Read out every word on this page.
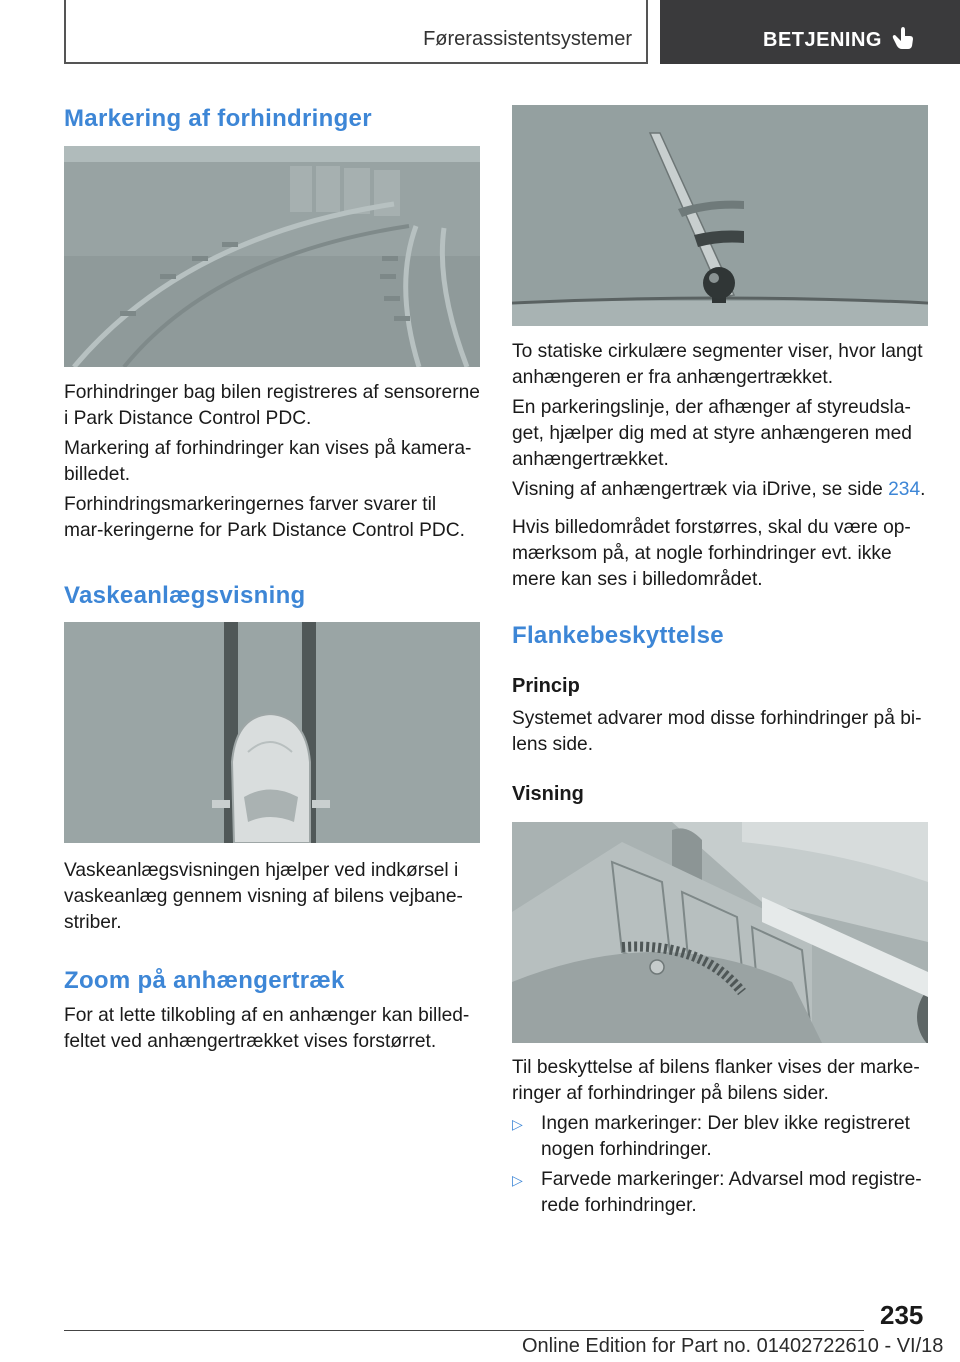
Førerassistentsystemer	BETJENING
Markering af forhindringer

Forhindringer bag bilen registreres af sensorerne i Park Distance Control PDC.

Markering af forhindringer kan vises på kamera-billedet.

Forhindringsmarkeringernes farver svarer til mar-keringerne for Park Distance Control PDC.

Vaskeanlægsvisning

Vaskeanlægsvisningen hjælper ved indkørsel i vaskeanlæg gennem visning af bilens vejbane-striber.

Zoom på anhængertræk

For at lette tilkobling af en anhænger kan billed-feltet ved anhængertrækket vises forstørret.

To statiske cirkulære segmenter viser, hvor langt anhængeren er fra anhængertrækket.

En parkeringslinje, der afhænger af styreudsla-get, hjælper dig med at styre anhængeren med anhængertrækket.

Visning af anhængertræk via iDrive, se side 234.

Hvis billedområdet forstørres, skal du være op-mærksom på, at nogle forhindringer evt. ikke mere kan ses i billedområdet.

Flankebeskyttelse
Princip

Systemet advarer mod disse forhindringer på bi-lens side.

Visning

Til beskyttelse af bilens flanker vises der marke-ringer af forhindringer på bilens sider.

▷ Ingen markeringer: Der blev ikke registreret nogen forhindringer.
▷ Farvede markeringer: Advarsel mod registre-rede forhindringer.
235
Online Edition for Part no. 01402722610 - VI/18
